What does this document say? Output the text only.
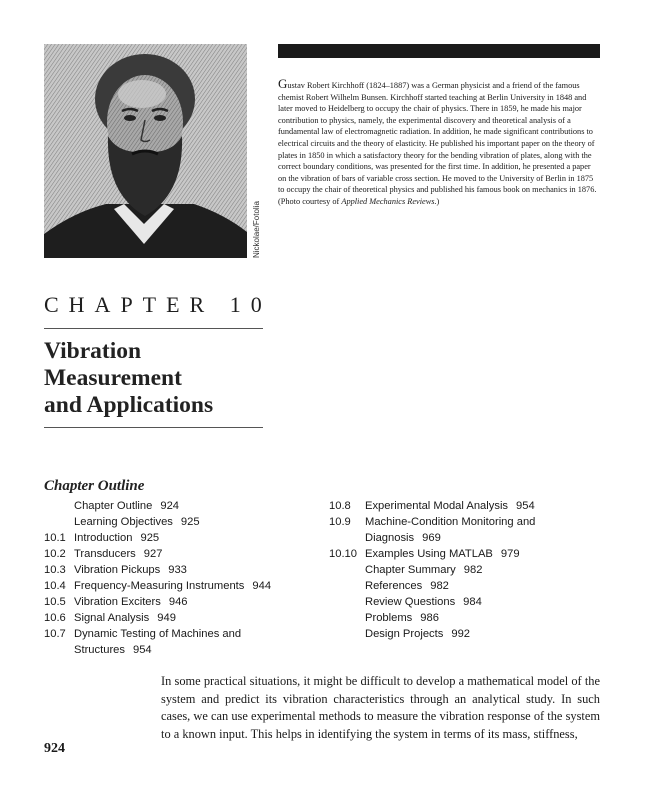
Nickolae/Fotolia
Gustav Robert Kirchhoff (1824–1887) was a German physicist and a friend of the famous chemist Robert Wilhelm Bunsen. Kirchhoff started teaching at Berlin University in 1848 and later moved to Heidelberg to occupy the chair of physics. There in 1859, he made his major contribution to physics, namely, the experimental discovery and theoretical analysis of a fundamental law of electromagnetic radiation. In addition, he made significant contributions to electrical circuits and the theory of elasticity. He published his important paper on the theory of plates in 1850 in which a satisfactory theory for the bending vibration of plates, along with the correct boundary conditions, was presented for the first time. In addition, he presented a paper on the vibration of bars of variable cross section. He moved to the University of Berlin in 1875 to occupy the chair of theoretical physics and published his famous book on mechanics in 1876. (Photo courtesy of Applied Mechanics Reviews.)
CHAPTER 10
Vibration
Measurement
and Applications
Chapter Outline
Chapter Outline 924
Learning Objectives 925
10.1 Introduction 925
10.2 Transducers 927
10.3 Vibration Pickups 933
10.4 Frequency-Measuring Instruments 944
10.5 Vibration Exciters 946
10.6 Signal Analysis 949
10.7 Dynamic Testing of Machines and Structures 954
10.8 Experimental Modal Analysis 954
10.9 Machine-Condition Monitoring and Diagnosis 969
10.10 Examples Using MATLAB 979
Chapter Summary 982
References 982
Review Questions 984
Problems 986
Design Projects 992
In some practical situations, it might be difficult to develop a mathematical model of the system and predict its vibration characteristics through an analytical study. In such cases, we can use experimental methods to measure the vibration response of the system to a known input. This helps in identifying the system in terms of its mass, stiffness,
924
